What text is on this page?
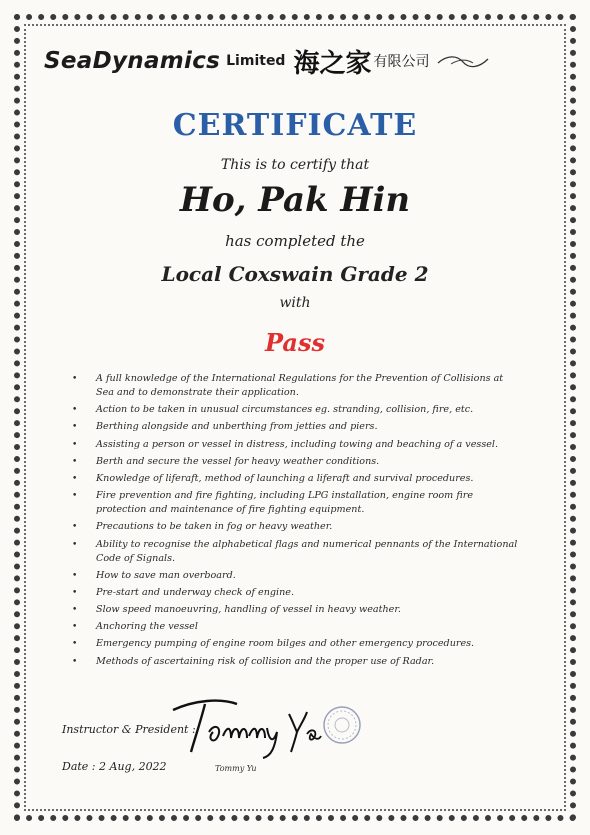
SeaDynamics Limited 海之家 有限公司
CERTIFICATE
This is to certify that
Ho, Pak Hin
has completed the
Local Coxswain Grade 2
with
Pass
• A full knowledge of the International Regulations for the Prevention of Collisions at Sea and to demonstrate their application.
• Action to be taken in unusual circumstances eg. stranding, collision, fire, etc.
• Berthing alongside and unberthing from jetties and piers.
• Assisting a person or vessel in distress, including towing and beaching of a vessel.
• Berth and secure the vessel for heavy weather conditions.
• Knowledge of liferaft, method of launching a liferaft and survival procedures.
• Fire prevention and fire fighting, including LPG installation, engine room fire protection and maintenance of fire fighting equipment.
• Precautions to be taken in fog or heavy weather.
• Ability to recognise the alphabetical flags and numerical pennants of the International Code of Signals.
• How to save man overboard.
• Pre-start and underway check of engine.
• Slow speed manoeuvring, handling of vessel in heavy weather.
• Anchoring the vessel
• Emergency pumping of engine room bilges and other emergency procedures.
• Methods of ascertaining risk of collision and the proper use of Radar.
Instructor & President :
Tommy Yu
Date : 2 Aug, 2022
